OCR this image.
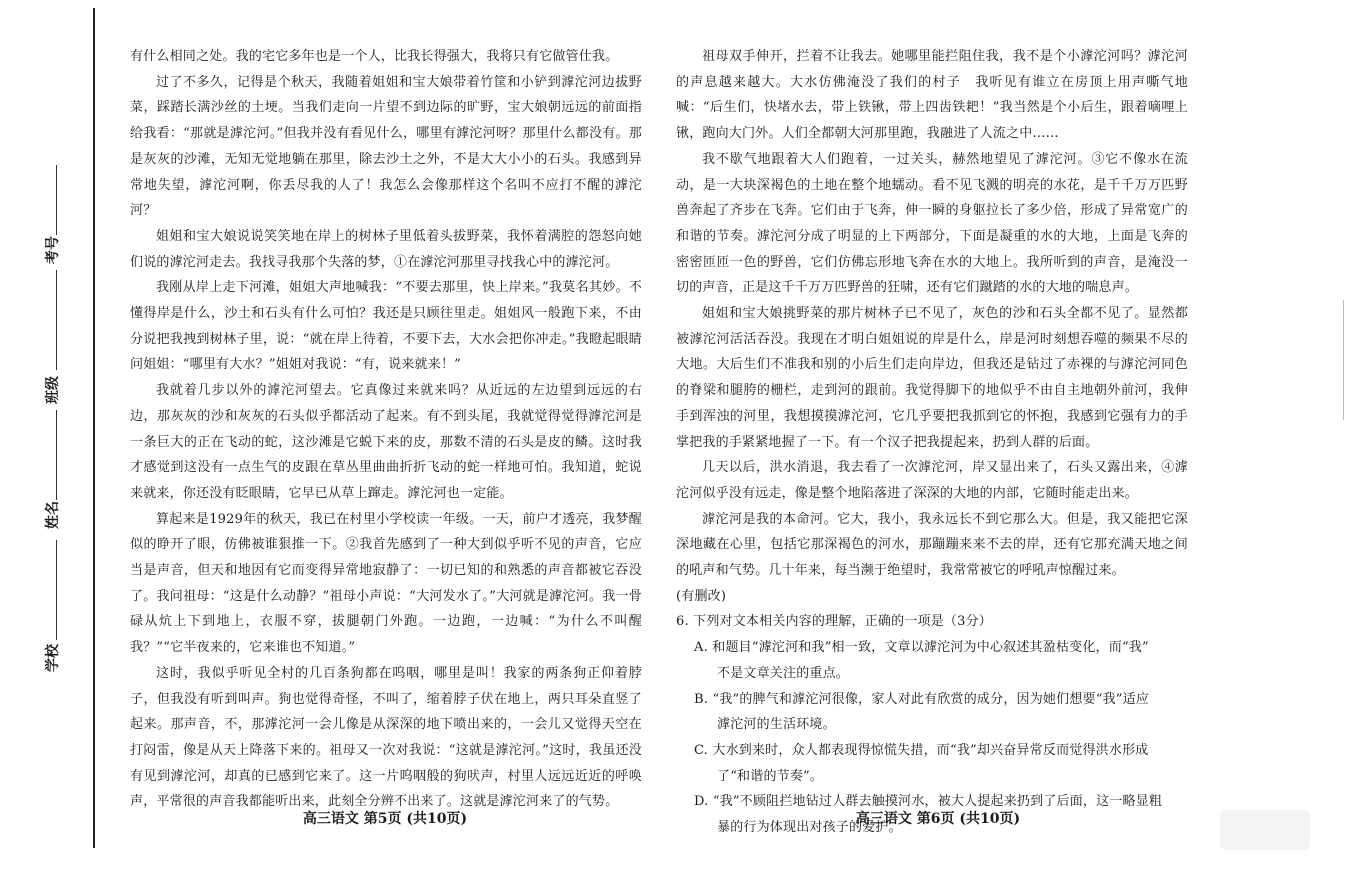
考号
班级
姓名
学校

有什么相同之处。我的宅它多年也是一个人，比我长得强大，我将只有它做管仕我。

过了不多久，记得是个秋天，我随着姐姐和宝大娘带着竹筐和小铲到滹沱河边拔野菜，踩踏长满沙丝的土埂。当我们走向一片望不到边际的旷野，宝大娘朝远远的前面指给我看：“那就是滹沱河。”但我并没有看见什么，哪里有滹沱河呀？那里什么都没有。那是灰灰的沙滩，无知无觉地躺在那里，除去沙土之外，不是大大小小的石头。我感到异常地失望，滹沱河啊，你丢尽我的人了！我怎么会像那样这个名叫不应打不醒的滹沱河？

姐姐和宝大娘说说笑笑地在岸上的树林子里低着头拔野菜，我怀着满腔的怨怒向她们说的滹沱河走去。我找寻我那个失落的梦，①在滹沱河那里寻找我心中的滹沱河。

我刚从岸上走下河滩，姐姐大声地喊我：“不要去那里，快上岸来。”我莫名其妙。不懂得岸是什么，沙土和石头有什么可怕？我还是只顾往里走。姐姐风一般跑下来，不由分说把我拽到树林子里，说：“就在岸上待着，不要下去，大水会把你冲走。”我瞪起眼睛问姐姐：“哪里有大水？”姐姐对我说：“有，说来就来！”

我就着几步以外的滹沱河望去。它真像过来就来吗？从近远的左边望到远远的右边，那灰灰的沙和灰灰的石头似乎都活动了起来。有不到头尾，我就觉得觉得滹沱河是一条巨大的正在飞动的蛇，这沙滩是它蜕下来的皮，那数不清的石头是皮的鳞。这时我才感觉到这没有一点生气的皮跟在草丛里曲曲折折飞动的蛇一样地可怕。我知道，蛇说来就来，你还没有眨眼睛，它早已从草上蹿走。滹沱河也一定能。

算起来是1929年的秋天，我已在村里小学校读一年级。一天，前户才透亮，我梦醒似的睁开了眼，仿佛被谁狠推一下。②我首先感到了一种大到似乎听不见的声音，它应当是声音，但天和地因有它而变得异常地寂静了：一切已知的和熟悉的声音都被它吞没了。我问祖母：“这是什么动静？”祖母小声说：“大河发水了。”大河就是滹沱河。我一骨碌从炕上下到地上，衣服不穿，拔腿朝门外跑。一边跑，一边喊：“为什么不叫醒我？”“它半夜来的，它来谁也不知道。”

这时，我似乎听见全村的几百条狗都在呜咽，哪里是叫！我家的两条狗正仰着脖子，但我没有听到叫声。狗也觉得奇怪，不叫了，缩着脖子伏在地上，两只耳朵直竖了起来。那声音，不，那滹沱河一会儿像是从深深的地下喷出来的，一会儿又觉得天空在打闷雷，像是从天上降落下来的。祖母又一次对我说：“这就是滹沱河。”这时，我虽还没有见到滹沱河，却真的已感到它来了。这一片呜咽般的狗吠声，村里人远远近近的呼唤声，平常很的声音我都能听出来，此刻全分辨不出来了。这就是滹沱河来了的气势。

高三语文 第5页 (共10页)

祖母双手伸开，拦着不让我去。她哪里能拦阻住我，我不是个小滹沱河吗？滹沱河的声息越来越大。大水仿佛淹没了我们的村子　我听见有谁立在房顶上用声嘶气地喊：“后生们，快堵水去，带上铁锹，带上四齿铁耙！”我当然是个小后生，跟着嘀哩上锹，跑向大门外。人们全都朝大河那里跑，我融进了人流之中……

我不歇气地跟着大人们跑着，一过关头，赫然地望见了滹沱河。③它不像水在流动，是一大块深褐色的土地在整个地蠕动。看不见飞溅的明亮的水花，是千千万万匹野兽奔起了齐步在飞奔。它们由于飞奔，伸一瞬的身躯拉长了多少倍，形成了异常宽广的和谐的节奏。滹沱河分成了明显的上下两部分，下面是凝重的水的大地，上面是飞奔的密密匝匝一色的野兽，它们仿佛忘形地飞奔在水的大地上。我所听到的声音，是淹没一切的声音，正是这千千万万匹野兽的狂啸，还有它们蹴踏的水的大地的喘息声。

姐姐和宝大娘挑野菜的那片树林子已不见了，灰色的沙和石头全都不见了。显然都被滹沱河活活吞没。我现在才明白姐姐说的岸是什么，岸是河时刻想吞噬的频果不尽的大地。大后生们不准我和别的小后生们走向岸边，但我还是钻过了赤裸的与滹沱河同色的脊梁和腿胯的栅栏，走到河的跟前。我觉得脚下的地似乎不由自主地朝外前河，我伸手到浑浊的河里，我想摸摸滹沱河，它几乎要把我抓到它的怀抱，我感到它强有力的手掌把我的手紧紧地握了一下。有一个汉子把我提起来，扔到人群的后面。

几天以后，洪水消退，我去看了一次滹沱河，岸又显出来了，石头又露出来，④滹沱河似乎没有远走，像是整个地陷落进了深深的大地的内部，它随时能走出来。

滹沱河是我的本命河。它大，我小，我永远长不到它那么大。但是，我又能把它深深地藏在心里，包括它那深褐色的河水，那蹦蹦来来不去的岸，还有它那充满天地之间的吼声和气势。几十年来，每当濒于绝望时，我常常被它的呼吼声惊醒过来。

(有删改)

6. 下列对文本相关内容的理解，正确的一项是（3分）

A. 和题目“滹沱河和我”相一致，文章以滹沱河为中心叙述其盈枯变化，而“我”

不是文章关注的重点。

B. “我”的脾气和滹沱河很像，家人对此有欣赏的成分，因为她们想要“我”适应

滹沱河的生活环境。

C. 大水到来时，众人都表现得惊慌失措，而“我”却兴奋异常反而觉得洪水形成

了“和谐的节奏”。

D. “我”不顾阻拦地钻过人群去触摸河水，被大人提起来扔到了后面，这一略显粗

暴的行为体现出对孩子的爱护。

高三语文 第6页 (共10页)
